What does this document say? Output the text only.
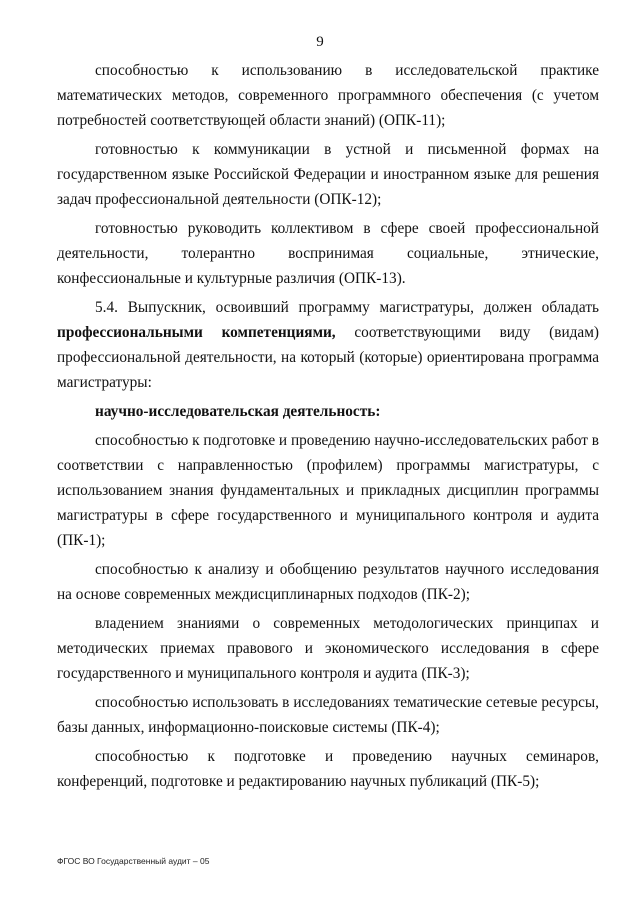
9

способностью к использованию в исследовательской практике математических методов, современного программного обеспечения (с учетом потребностей соответствующей области знаний) (ОПК-11);

готовностью к коммуникации в устной и письменной формах на государственном языке Российской Федерации и иностранном языке для решения задач профессиональной деятельности (ОПК-12);

готовностью руководить коллективом в сфере своей профессиональной деятельности, толерантно воспринимая социальные, этнические, конфессиональные и культурные различия (ОПК-13).

5.4. Выпускник, освоивший программу магистратуры, должен обладать профессиональными компетенциями, соответствующими виду (видам) профессиональной деятельности, на который (которые) ориентирована программа магистратуры:

научно-исследовательская деятельность:

способностью к подготовке и проведению научно-исследовательских работ в соответствии с направленностью (профилем) программы магистратуры, с использованием знания фундаментальных и прикладных дисциплин программы магистратуры в сфере государственного и муниципального контроля и аудита (ПК-1);

способностью к анализу и обобщению результатов научного исследования на основе современных междисциплинарных подходов (ПК-2);

владением знаниями о современных методологических принципах и методических приемах правового и экономического исследования в сфере государственного и муниципального контроля и аудита (ПК-3);

способностью использовать в исследованиях тематические сетевые ресурсы, базы данных, информационно-поисковые системы (ПК-4);

способностью к подготовке и проведению научных семинаров, конференций, подготовке и редактированию научных публикаций (ПК-5);

ФГОС ВО Государственный аудит – 05
